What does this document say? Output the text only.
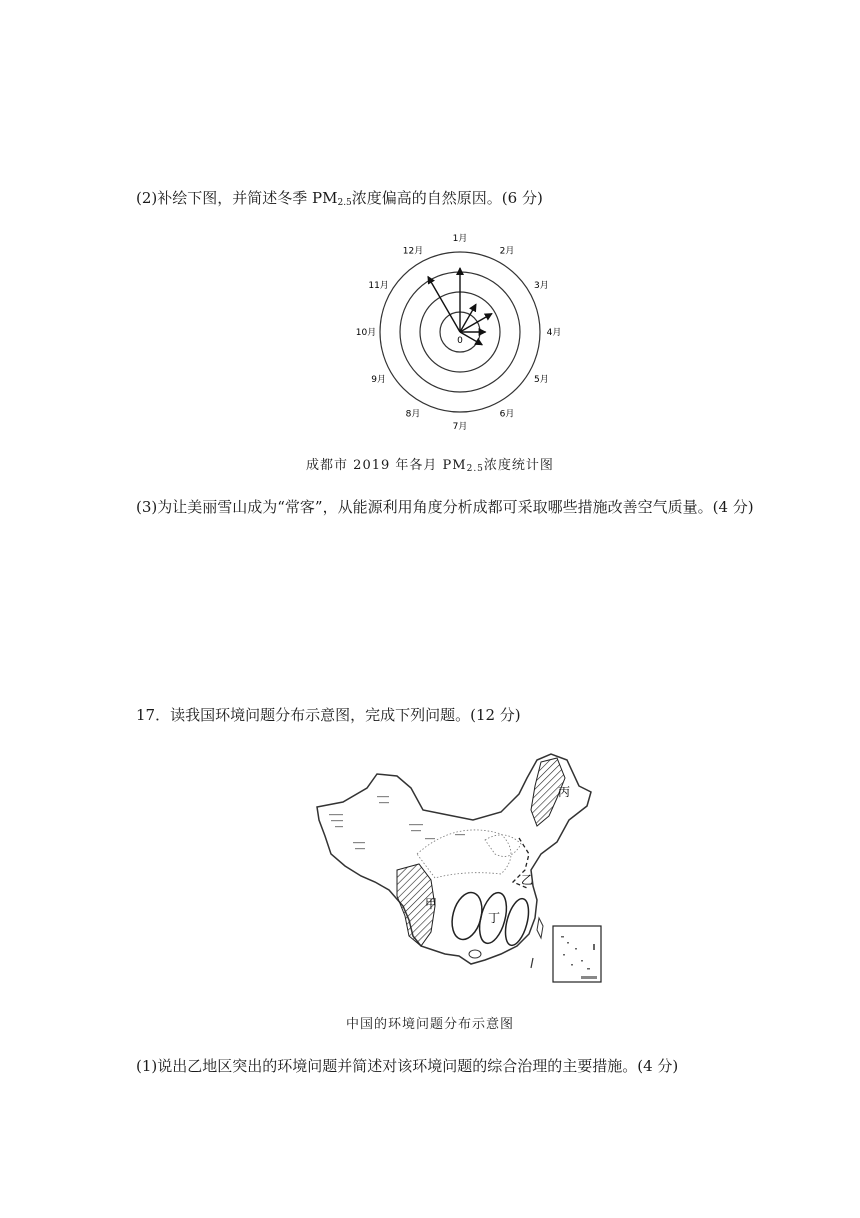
(2)补绘下图，并简述冬季 $PM_{2.5}$浓度偏高的自然原因。(6 分)
1月
2月
3月
4月
5月
6月
7月
8月
9月
10月
11月
12月
0
成都市 2019 年各月 $PM_{2.5}$浓度统计图
(3)为让美丽雪山成为“常客”，从能源利用角度分析成都可采取哪些措施改善空气质量。(4 分)
17．读我国环境问题分布示意图，完成下列问题。(12 分)
丙
乙
甲
丁
中国的环境问题分布示意图
(1)说出乙地区突出的环境问题并简述对该环境问题的综合治理的主要措施。(4 分)
